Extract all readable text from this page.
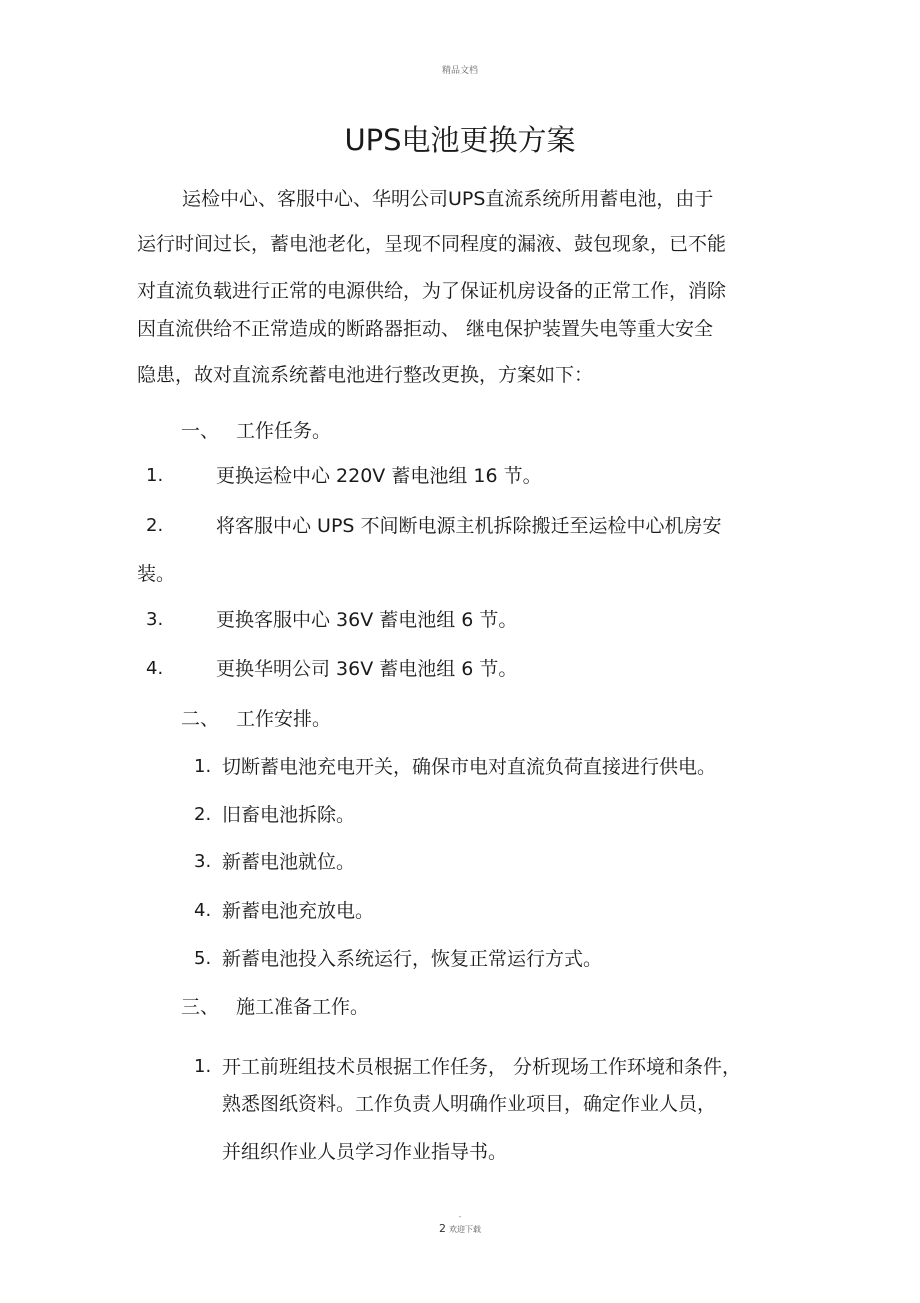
精品文档
UPS电池更换方案
运检中心、客服中心、华明公司UPS直流系统所用蓄电池，由于
运行时间过长，蓄电池老化，呈现不同程度的漏液、鼓包现象，已不能
对直流负载进行正常的电源供给，为了保证机房设备的正常工作，消除
因直流供给不正常造成的断路器拒动、 继电保护装置失电等重大安全
隐患，故对直流系统蓄电池进行整改更换，方案如下：
一、 工作任务。
1.	更换运检中心 220V 蓄电池组 16 节。
2.	将客服中心 UPS 不间断电源主机拆除搬迁至运检中心机房安
装。
3.	更换客服中心 36V 蓄电池组 6 节。
4.	更换华明公司 36V 蓄电池组 6 节。
二、 工作安排。
1. 切断蓄电池充电开关，确保市电对直流负荷直接进行供电。
2. 旧畜电池拆除。
3. 新蓄电池就位。
4. 新蓄电池充放电。
5. 新蓄电池投入系统运行，恢复正常运行方式。
三、 施工准备工作。
1. 开工前班组技术员根据工作任务， 分析现场工作环境和条件，
熟悉图纸资料。工作负责人明确作业项目，确定作业人员，
并组织作业人员学习作业指导书。
-
2 欢迎下载
